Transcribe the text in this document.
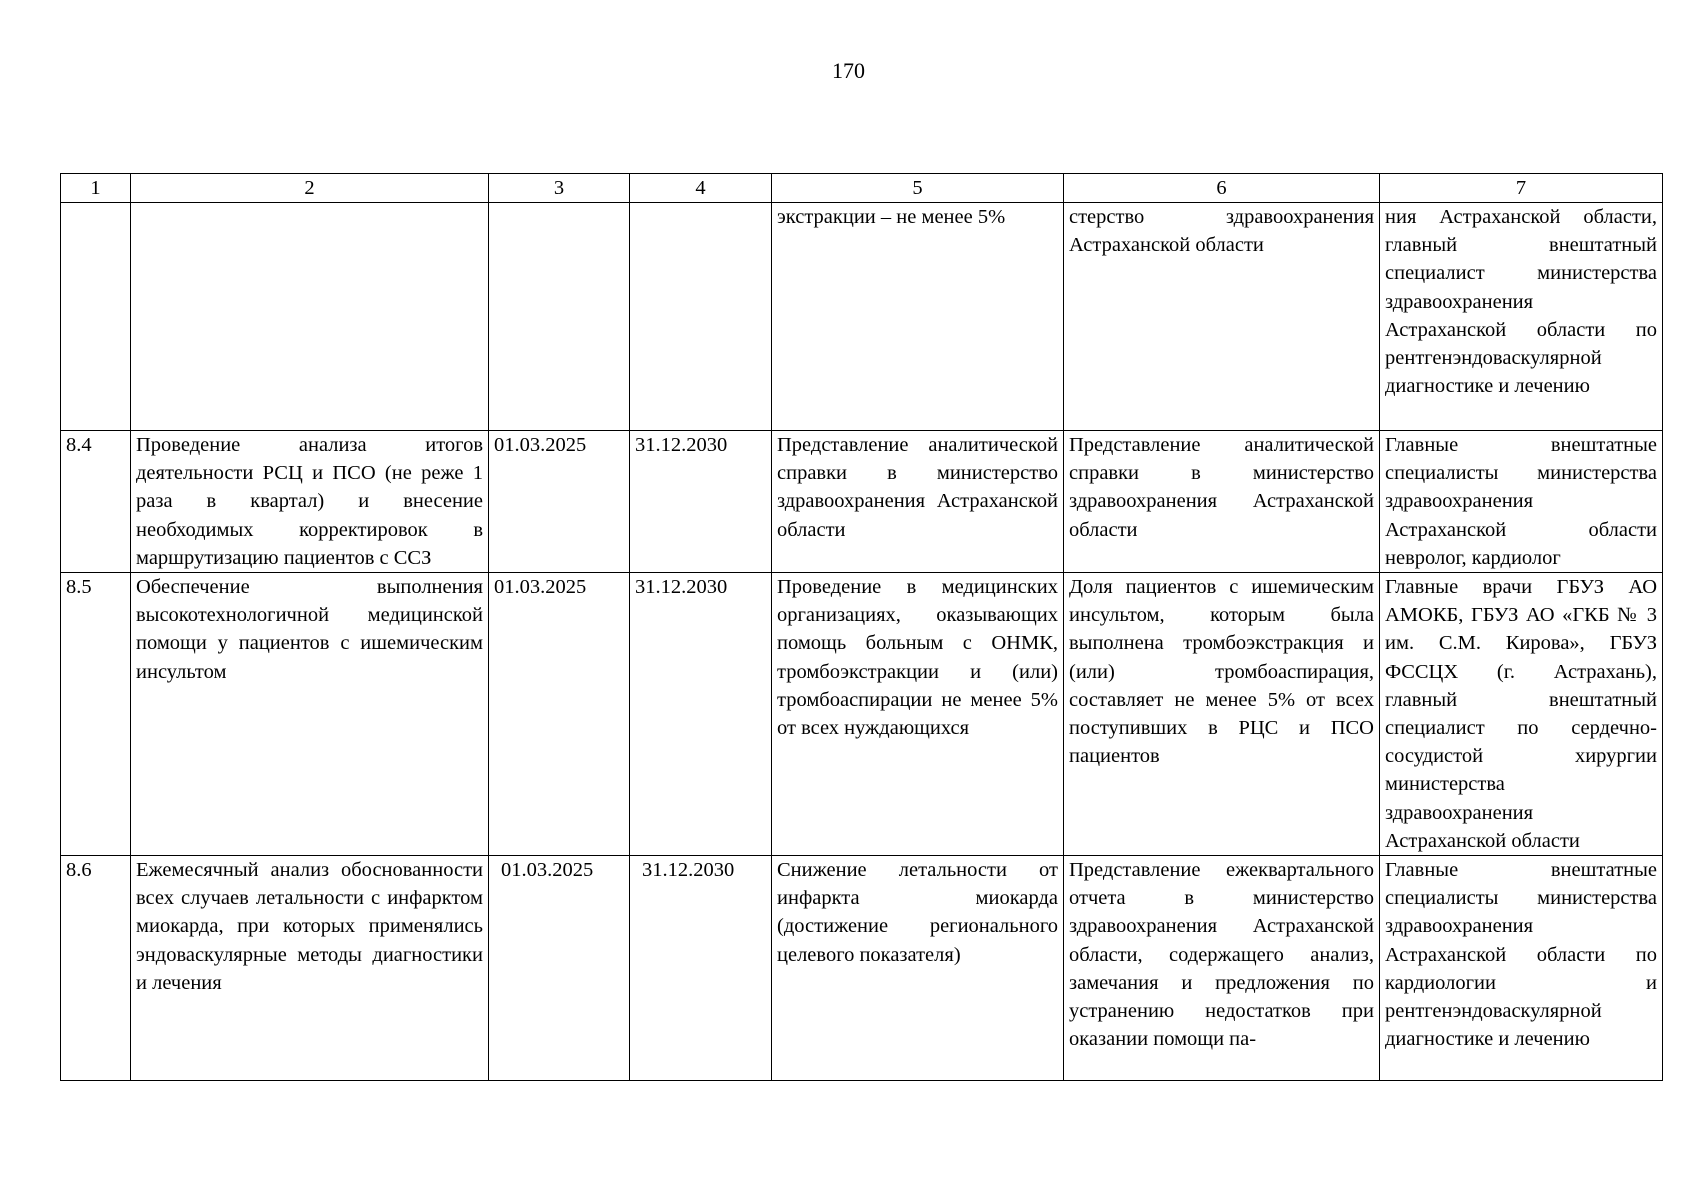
170
1	2	3	4	5	6	7
				экстракции – не менее 5%	стерство здравоохранения Астраханской области	ния Астраханской области, главный внештатный специалист министерства здравоохранения Астраханской области по рентгенэндоваскулярной диагностике и лечению
8.4	Проведение анализа итогов деятельности РСЦ и ПСО (не реже 1 раза в квартал) и внесение необходимых корректировок в маршрутизацию пациентов с ССЗ	01.03.2025	31.12.2030	Представление аналитической справки в министерство здравоохранения Астраханской области	Представление аналитической справки в министерство здравоохранения Астраханской области	Главные внештатные специалисты министерства здравоохранения Астраханской области невролог, кардиолог
8.5	Обеспечение выполнения высокотехнологичной медицинской помощи у пациентов с ишемическим инсультом	01.03.2025	31.12.2030	Проведение в медицинских организациях, оказывающих помощь больным с ОНМК, тромбоэкстракции и (или) тромбоаспирации не менее 5% от всех нуждающихся	Доля пациентов с ишемическим инсультом, которым была выполнена тромбоэкстракция и (или) тромбоаспирация, составляет не менее 5% от всех поступивших в РЦС и ПСО пациентов	Главные врачи ГБУЗ АО АМОКБ, ГБУЗ АО «ГКБ № 3 им. С.М. Кирова», ГБУЗ ФССЦХ (г. Астрахань), главный внештатный специалист по сердечно-сосудистой хирургии министерства здравоохранения Астраханской области
8.6	Ежемесячный анализ обоснованности всех случаев летальности с инфарктом миокарда, при которых применялись эндоваскулярные методы диагностики и лечения	01.03.2025	31.12.2030	Снижение летальности от инфаркта миокарда (достижение регионального целевого показателя)	Представление ежеквартального отчета в министерство здравоохранения Астраханской области, содержащего анализ, замечания и предложения по устранению недостатков при оказании помощи па-	Главные внештатные специалисты министерства здравоохранения Астраханской области по кардиологии и рентгенэндоваскулярной диагностике и лечению
